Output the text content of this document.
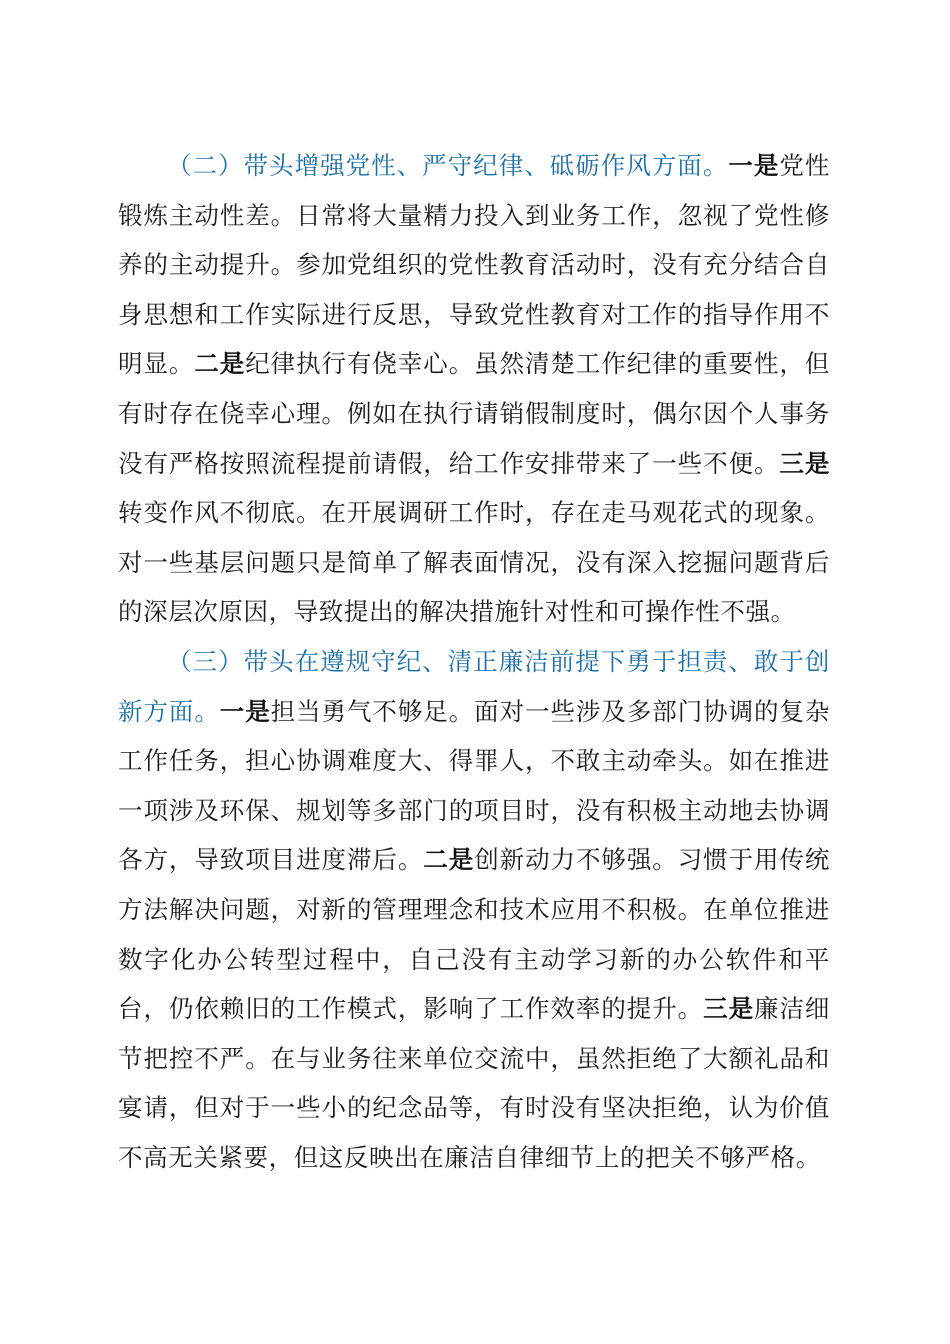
（二）带头增强党性、严守纪律、砥砺作风方面。一是党性锻炼主动性差。日常将大量精力投入到业务工作，忽视了党性修养的主动提升。参加党组织的党性教育活动时，没有充分结合自身思想和工作实际进行反思，导致党性教育对工作的指导作用不明显。二是纪律执行有侥幸心。虽然清楚工作纪律的重要性，但有时存在侥幸心理。例如在执行请销假制度时，偶尔因个人事务没有严格按照流程提前请假，给工作安排带来了一些不便。三是转变作风不彻底。在开展调研工作时，存在走马观花式的现象。对一些基层问题只是简单了解表面情况，没有深入挖掘问题背后的深层次原因，导致提出的解决措施针对性和可操作性不强。

（三）带头在遵规守纪、清正廉洁前提下勇于担责、敢于创新方面。一是担当勇气不够足。面对一些涉及多部门协调的复杂工作任务，担心协调难度大、得罪人，不敢主动牵头。如在推进一项涉及环保、规划等多部门的项目时，没有积极主动地去协调各方，导致项目进度滞后。二是创新动力不够强。习惯于用传统方法解决问题，对新的管理理念和技术应用不积极。在单位推进数字化办公转型过程中，自己没有主动学习新的办公软件和平台，仍依赖旧的工作模式，影响了工作效率的提升。三是廉洁细节把控不严。在与业务往来单位交流中，虽然拒绝了大额礼品和宴请，但对于一些小的纪念品等，有时没有坚决拒绝，认为价值不高无关紧要，但这反映出在廉洁自律细节上的把关不够严格。
